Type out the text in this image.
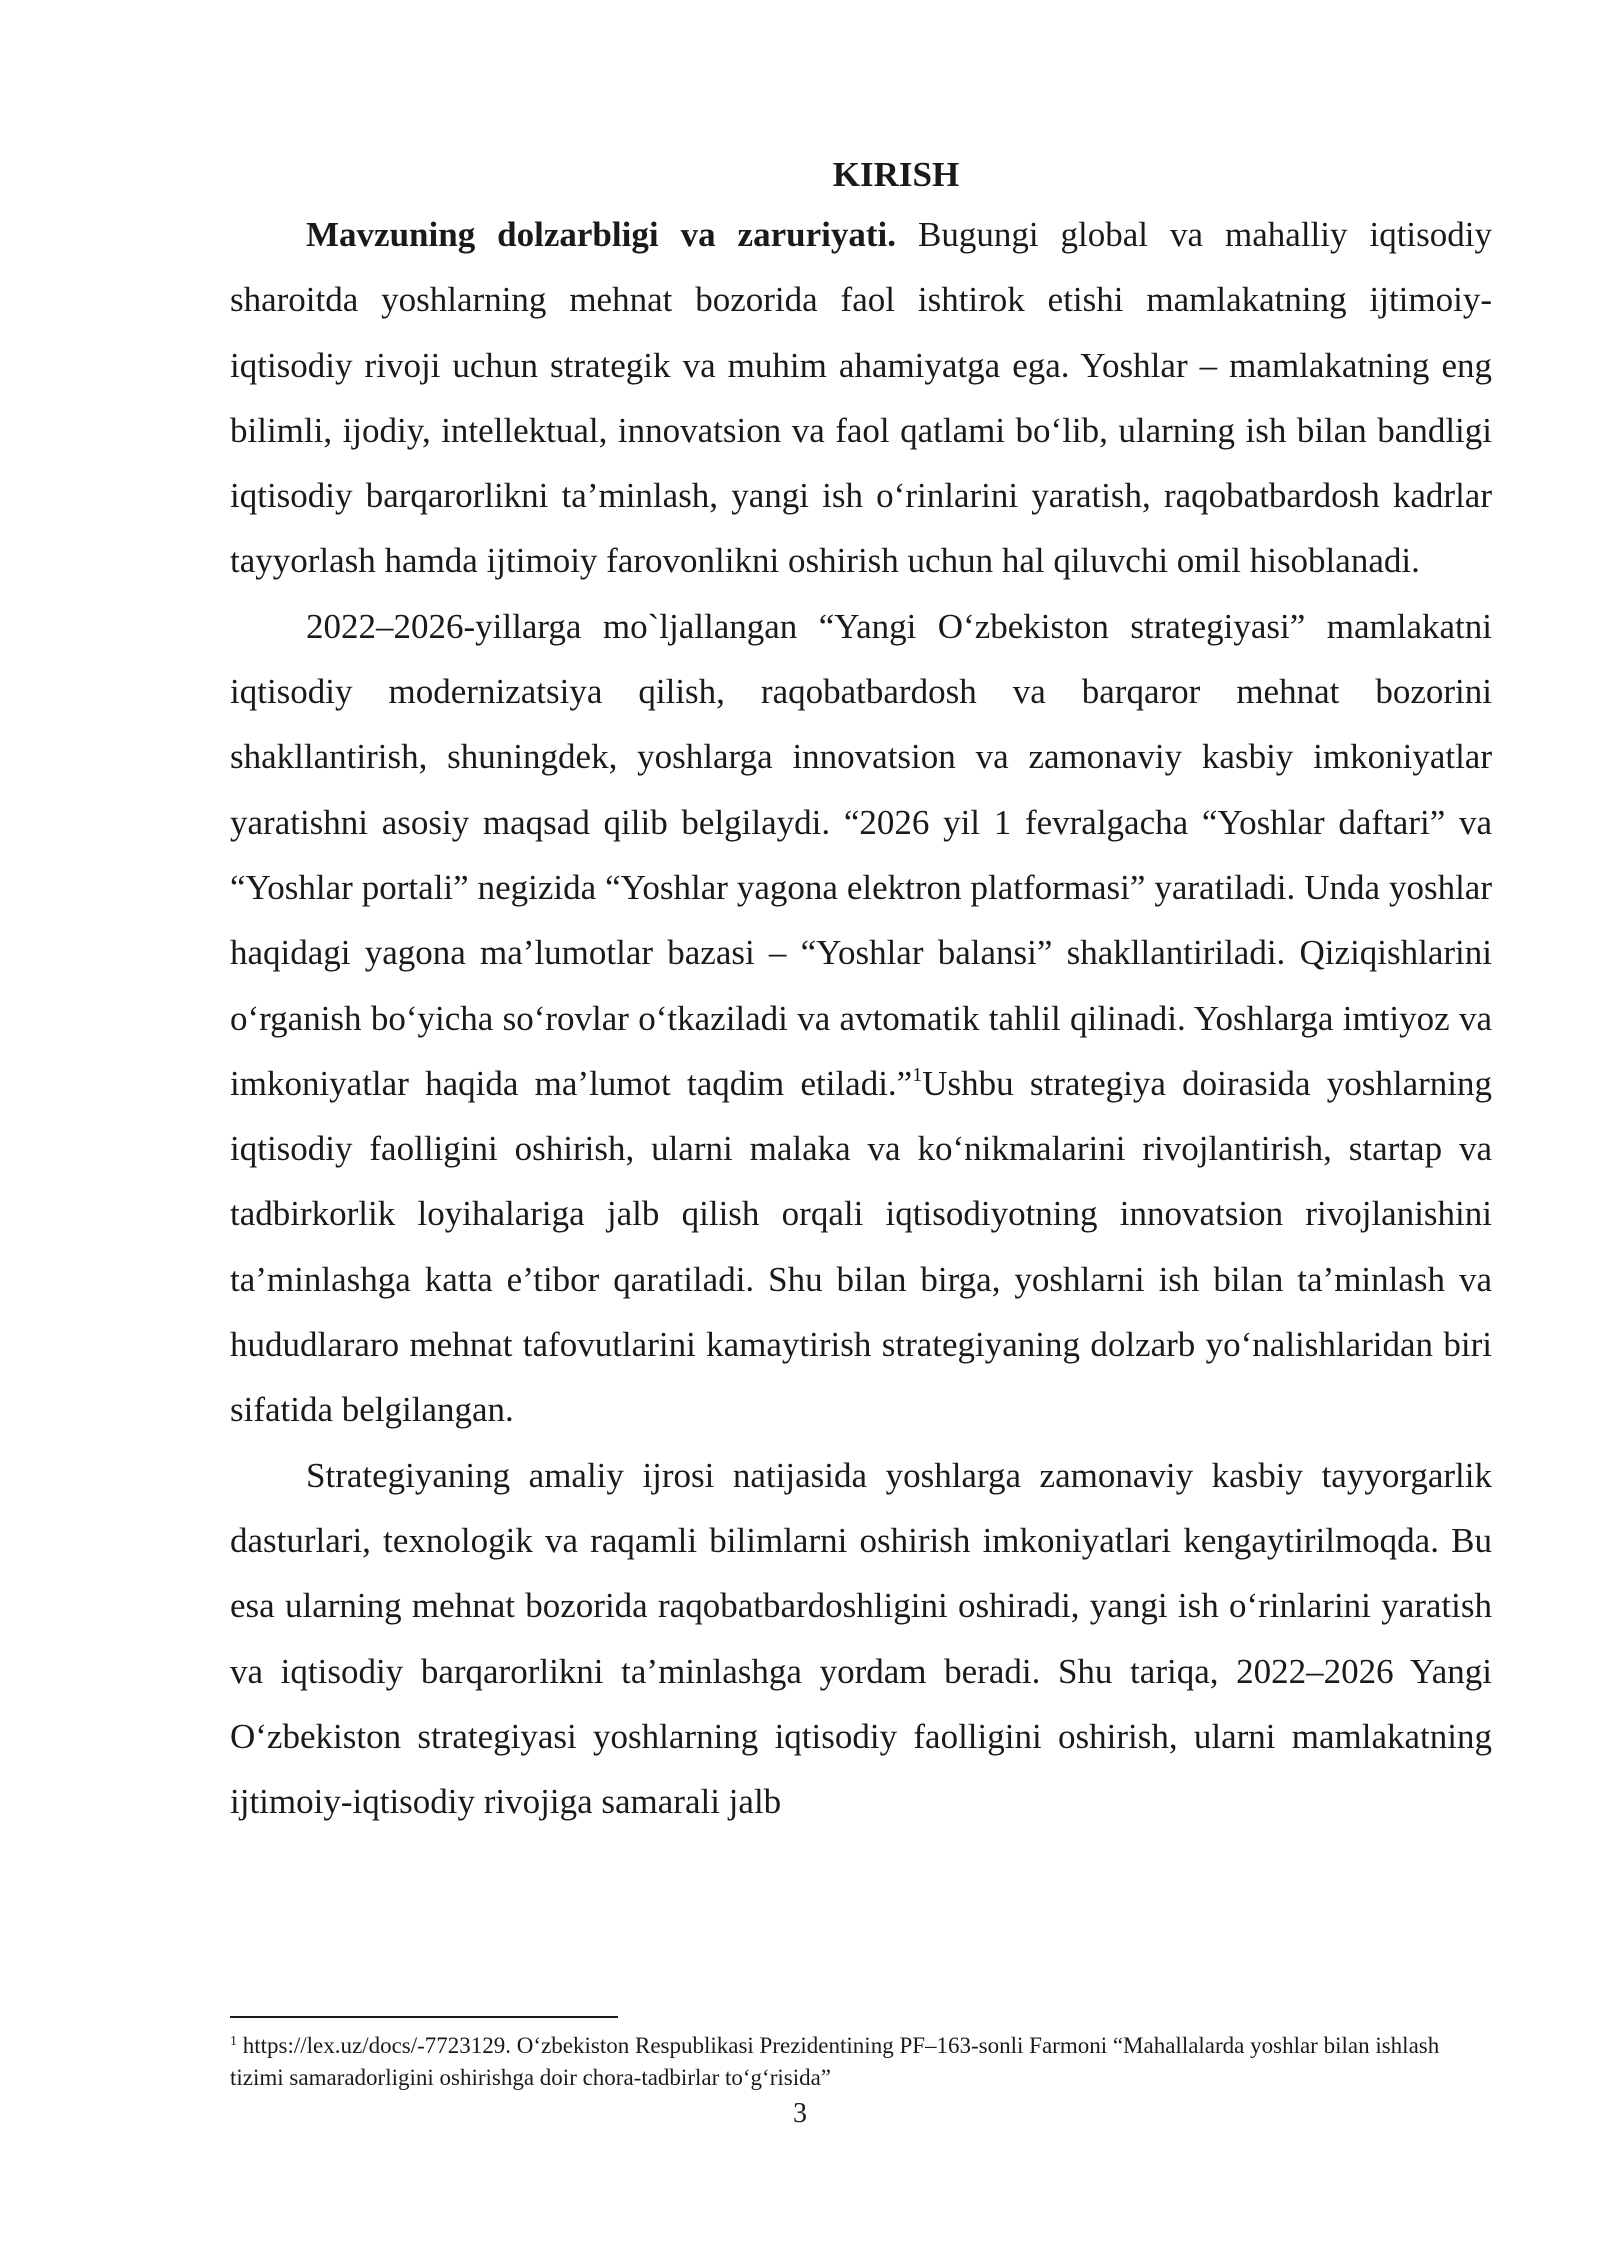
KIRISH

Mavzuning dolzarbligi va zaruriyati. Bugungi global va mahalliy iqtisodiy sharoitda yoshlarning mehnat bozorida faol ishtirok etishi mamlakatning ijtimoiy-iqtisodiy rivoji uchun strategik va muhim ahamiyatga ega. Yoshlar – mamlakatning eng bilimli, ijodiy, intellektual, innovatsion va faol qatlami bo‘lib, ularning ish bilan bandligi iqtisodiy barqarorlikni ta’minlash, yangi ish o‘rinlarini yaratish, raqobatbardosh kadrlar tayyorlash hamda ijtimoiy farovonlikni oshirish uchun hal qiluvchi omil hisoblanadi.

2022–2026-yillarga mo`ljallangan “Yangi O‘zbekiston strategiyasi” mamlakatni iqtisodiy modernizatsiya qilish, raqobatbardosh va barqaror mehnat bozorini shakllantirish, shuningdek, yoshlarga innovatsion va zamonaviy kasbiy imkoniyatlar yaratishni asosiy maqsad qilib belgilaydi. “2026 yil 1 fevralgacha “Yoshlar daftari” va “Yoshlar portali” negizida “Yoshlar yagona elektron platformasi” yaratiladi. Unda yoshlar haqidagi yagona ma’lumotlar bazasi – “Yoshlar balansi” shakllantiriladi. Qiziqishlarini o‘rganish bo‘yicha so‘rovlar o‘tkaziladi va avtomatik tahlil qilinadi. Yoshlarga imtiyoz va imkoniyatlar haqida ma’lumot taqdim etiladi.”$^1$Ushbu strategiya doirasida yoshlarning iqtisodiy faolligini oshirish, ularni malaka va ko‘nikmalarini rivojlantirish, startap va tadbirkorlik loyihalariga jalb qilish orqali iqtisodiyotning innovatsion rivojlanishini ta’minlashga katta e’tibor qaratiladi. Shu bilan birga, yoshlarni ish bilan ta’minlash va hududlararo mehnat tafovutlarini kamaytirish strategiyaning dolzarb yo‘nalishlaridan biri sifatida belgilangan.

Strategiyaning amaliy ijrosi natijasida yoshlarga zamonaviy kasbiy tayyorgarlik dasturlari, texnologik va raqamli bilimlarni oshirish imkoniyatlari kengaytirilmoqda. Bu esa ularning mehnat bozorida raqobatbardoshligini oshiradi, yangi ish o‘rinlarini yaratish va iqtisodiy barqarorlikni ta’minlashga yordam beradi. Shu tariqa, 2022–2026 Yangi O‘zbekiston strategiyasi yoshlarning iqtisodiy faolligini oshirish, ularni mamlakatning ijtimoiy-iqtisodiy rivojiga samarali jalb

$^1$ https://lex.uz/docs/-7723129. O‘zbekiston Respublikasi Prezidentining PF–163-sonli Farmoni “Mahallalarda yoshlar bilan ishlash tizimi samaradorligini oshirishga doir chora-tadbirlar to‘g‘risida”
3
